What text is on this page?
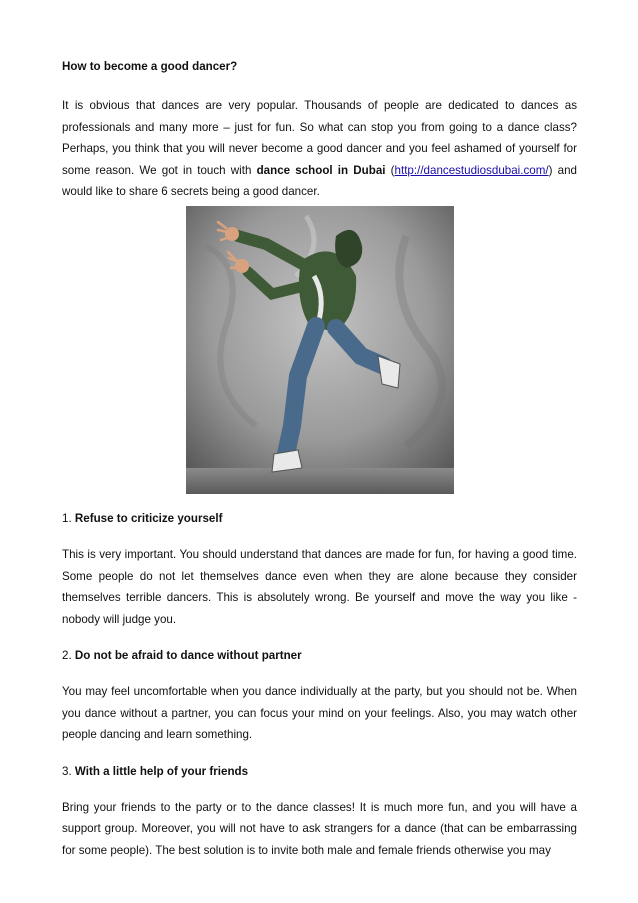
How to become a good dancer?

It is obvious that dances are very popular. Thousands of people are dedicated to dances as professionals and many more – just for fun. So what can stop you from going to a dance class? Perhaps, you think that you will never become a good dancer and you feel ashamed of yourself for some reason. We got in touch with dance school in Dubai (http://dancestudiosdubai.com/) and would like to share 6 secrets being a good dancer.

1. Refuse to criticize yourself

This is very important. You should understand that dances are made for fun, for having a good time. Some people do not let themselves dance even when they are alone because they consider themselves terrible dancers. This is absolutely wrong. Be yourself and move the way you like - nobody will judge you.

2. Do not be afraid to dance without partner

You may feel uncomfortable when you dance individually at the party, but you should not be. When you dance without a partner, you can focus your mind on your feelings. Also, you may watch other people dancing and learn something.

3. With a little help of your friends

Bring your friends to the party or to the dance classes! It is much more fun, and you will have a support group. Moreover, you will not have to ask strangers for a dance (that can be embarrassing for some people). The best solution is to invite both male and female friends otherwise you may
